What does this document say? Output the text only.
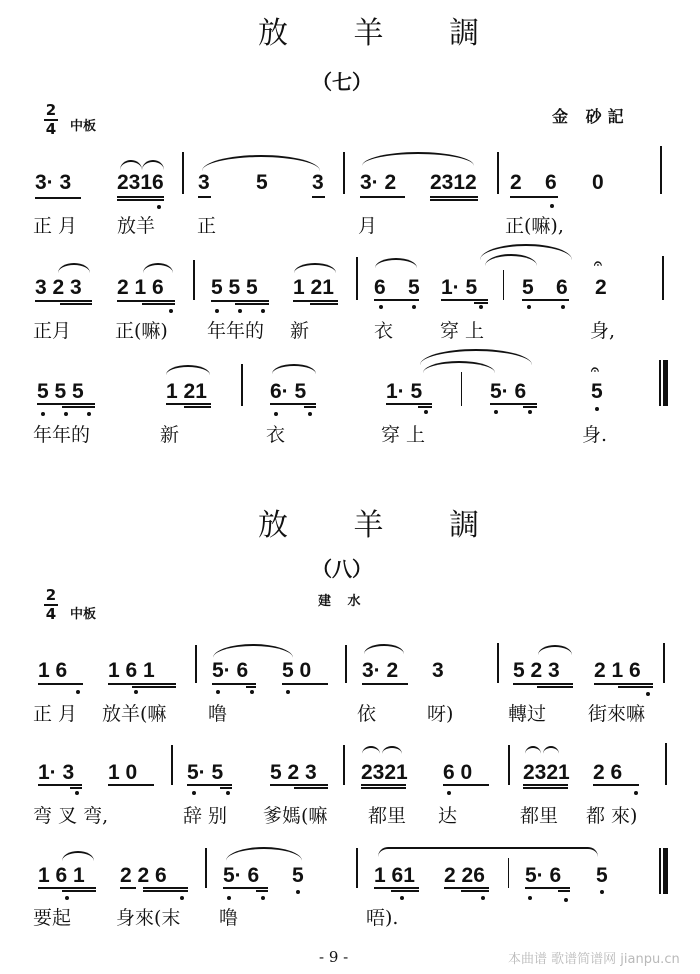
放 羊 調
（七）
2
4 中板
金 砂記
3· 3 2316 3 5 3 3· 2 2312 2 6 0
正 月 放羊 正	月	正(嘛),
3 2 3 2 1 6 5 5 5 1 21 6 5 1· 5 5 6
𝄐
2
正月 正(嘛) 年年的 新	衣 穿 上	身,
5 5 5	1 21	6· 5	1· 5	5· 6
𝄐
5
年年的	新	衣	穿 上	身.
放 羊 調
（八）
2
4 中板
建 水
1 6 1 6 1	5· 6 5 0 3· 2 3	5 2 3 2 1 6
正 月 放羊(嘛 噜	依	呀)	轉过 街來嘛
1· 3 1 0 5· 5 5 2 3 2321 6 0 2321 2 6
弯 叉 弯,	辞 别 爹媽(嘛 都里 达	都里 都 來)
1 6 1 2 2 6	5· 6 5	1 61 2 26 5· 6 5
要起 身來(末 噜	唔).
- 9 -	本曲谱 歌谱简谱网 jianpu.cn
